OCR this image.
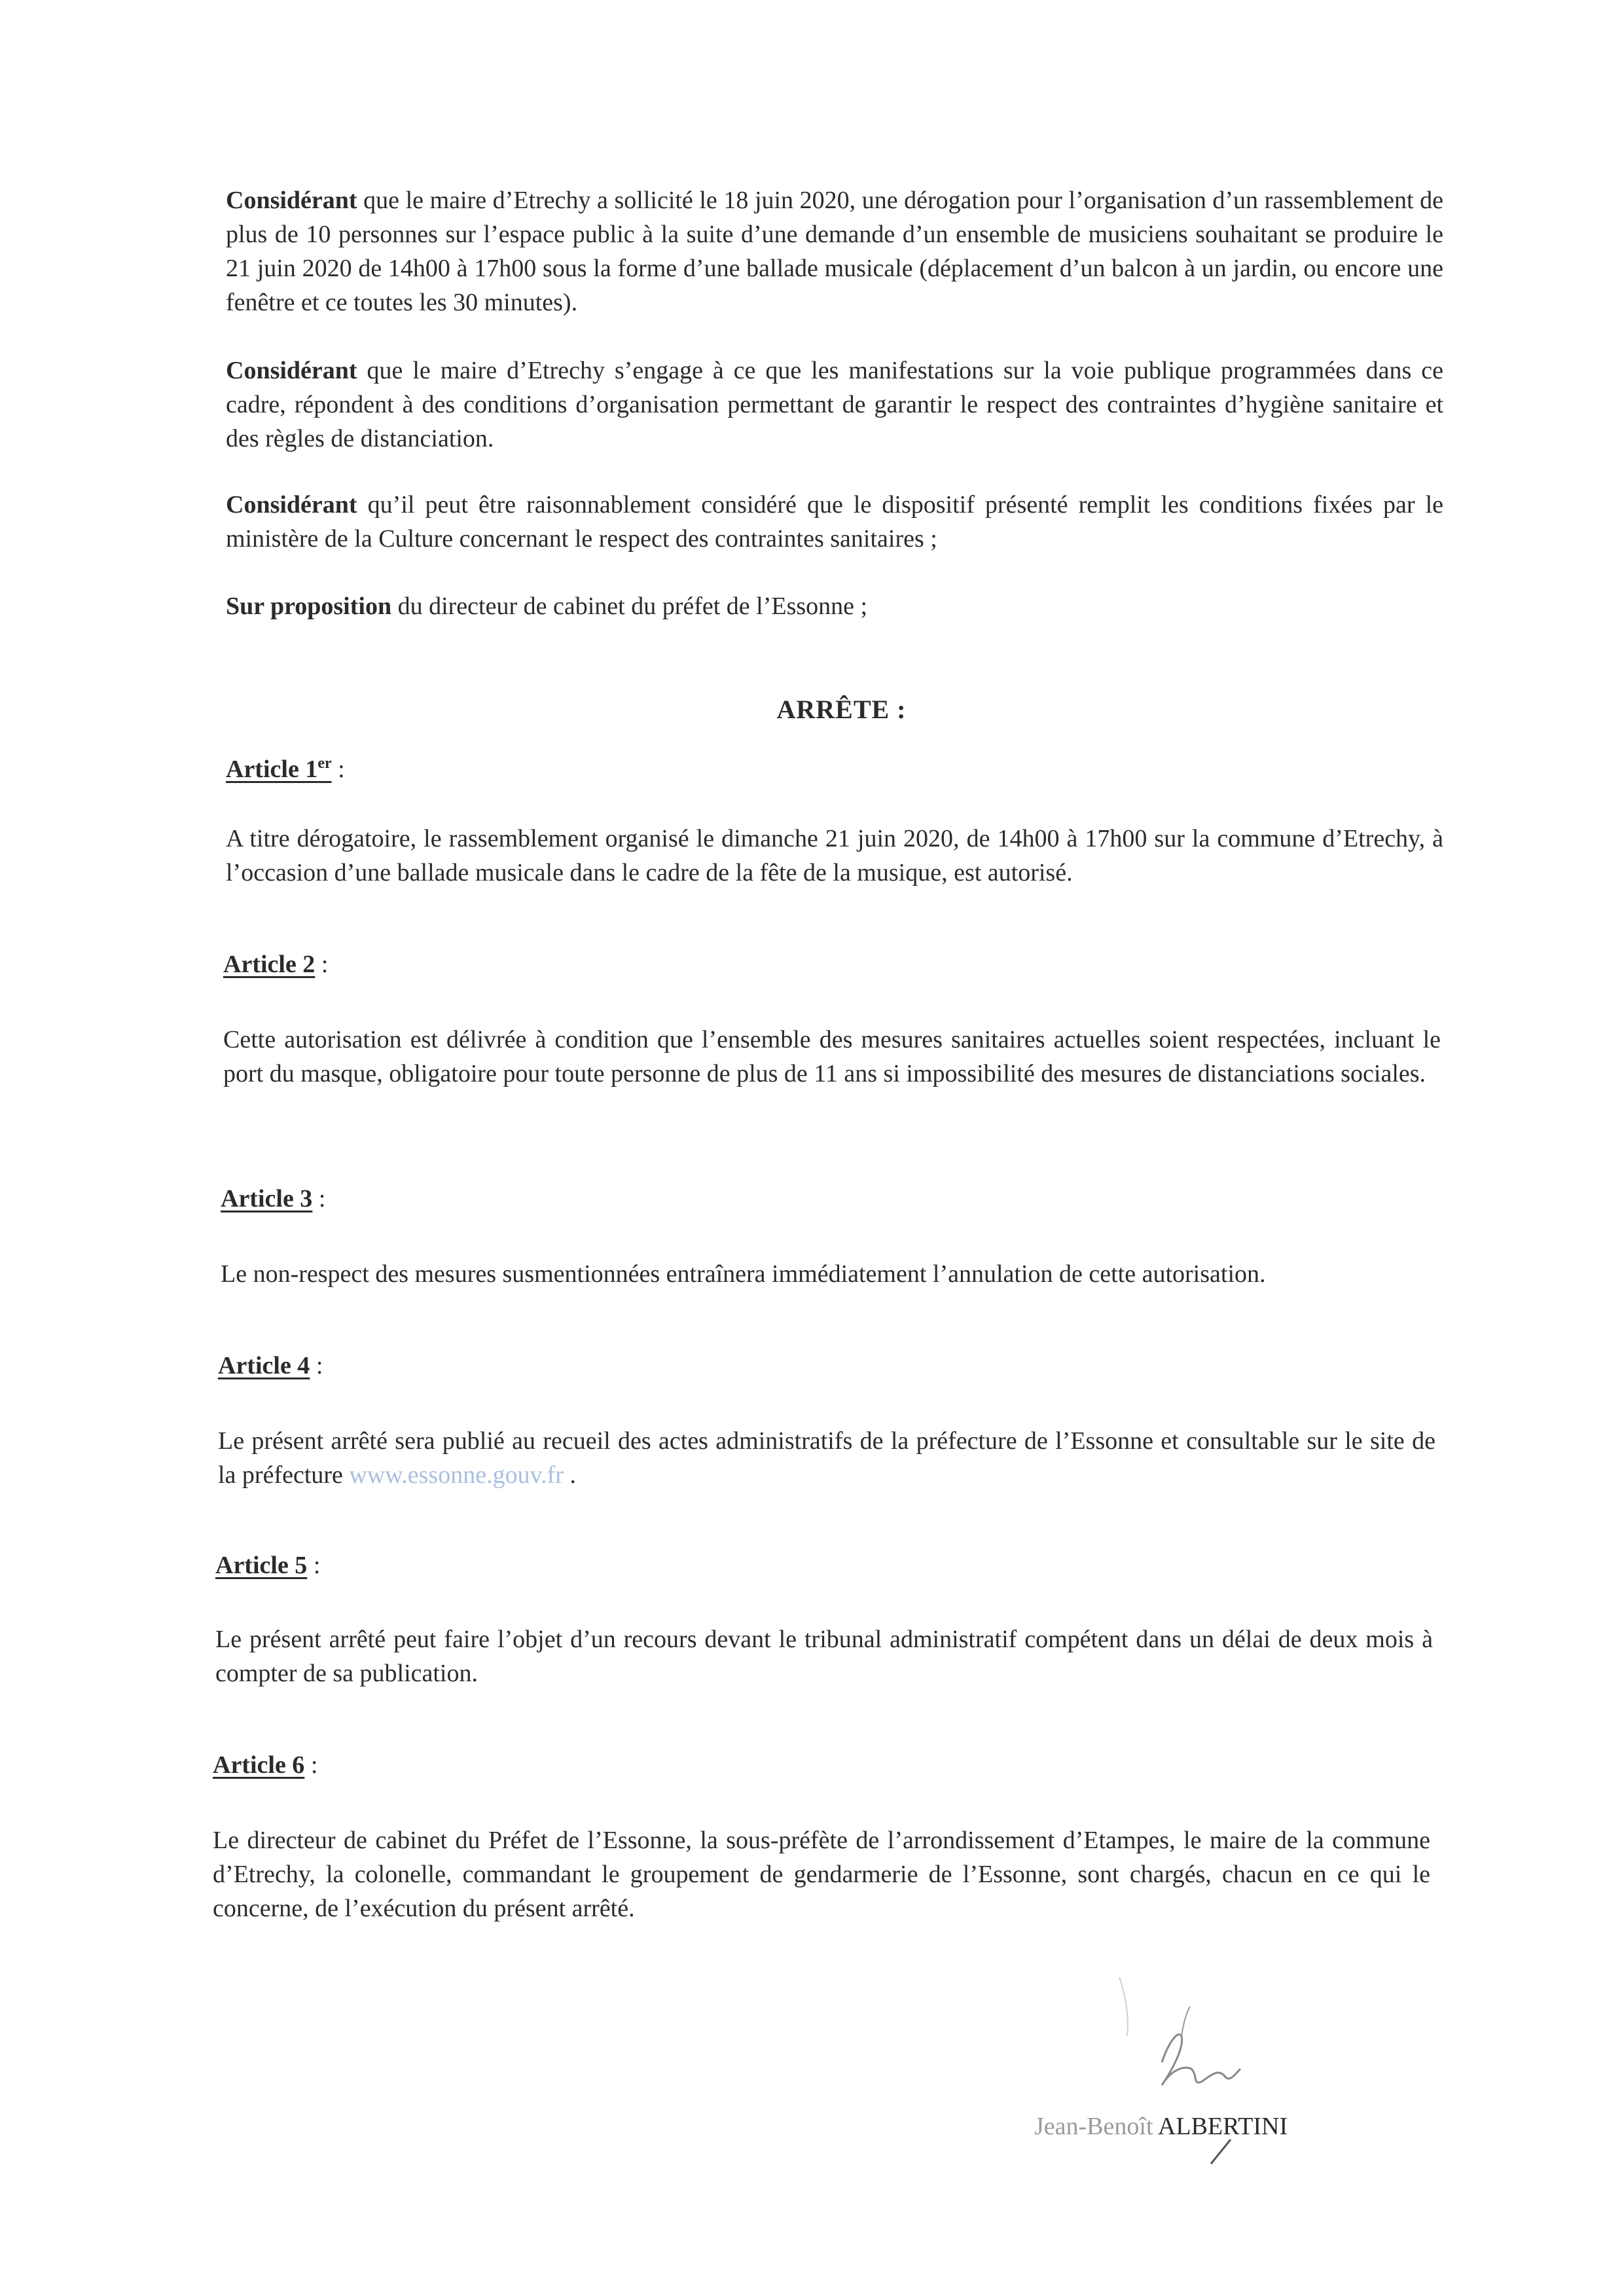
Considérant que le maire d’Etrechy a sollicité le 18 juin 2020, une dérogation pour l’organisation d’un rassemblement de plus de 10 personnes sur l’espace public à la suite d’une demande d’un ensemble de musiciens souhaitant se produire le 21 juin 2020 de 14h00 à 17h00 sous la forme d’une ballade musicale (déplacement d’un balcon à un jardin, ou encore une fenêtre et ce toutes les 30 minutes).

Considérant que le maire d’Etrechy s’engage à ce que les manifestations sur la voie publique programmées dans ce cadre, répondent à des conditions d’organisation permettant de garantir le respect des contraintes d’hygiène sanitaire et des règles de distanciation.

Considérant qu’il peut être raisonnablement considéré que le dispositif présenté remplit les conditions fixées par le ministère de la Culture concernant le respect des contraintes sanitaires ;

Sur proposition du directeur de cabinet du préfet de l’Essonne ;

ARRÊTE :

Article 1er :

A titre dérogatoire, le rassemblement organisé le dimanche 21 juin 2020, de 14h00 à 17h00 sur la commune d’Etrechy, à l’occasion d’une ballade musicale dans le cadre de la fête de la musique, est autorisé.

Article 2 :

Cette autorisation est délivrée à condition que l’ensemble des mesures sanitaires actuelles soient respectées, incluant le port du masque, obligatoire pour toute personne de plus de 11 ans si impossibilité des mesures de distanciations sociales.

Article 3 :

Le non-respect des mesures susmentionnées entraînera immédiatement l’annulation de cette autorisation.

Article 4 :

Le présent arrêté sera publié au recueil des actes administratifs de la préfecture de l’Essonne et consultable sur le site de la préfecture www.essonne.gouv.fr .

Article 5 :

Le présent arrêté peut faire l’objet d’un recours devant le tribunal administratif compétent dans un délai de deux mois à compter de sa publication.

Article 6 :

Le directeur de cabinet du Préfet de l’Essonne, la sous-préfète de l’arrondissement d’Etampes, le maire de la commune d’Etrechy, la colonelle, commandant le groupement de gendarmerie de l’Essonne, sont chargés, chacun en ce qui le concerne, de l’exécution du présent arrêté.

Jean-Benoît ALBERTINI
